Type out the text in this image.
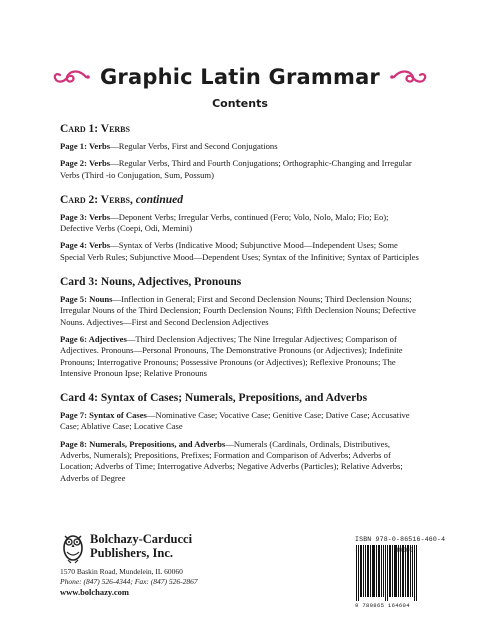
Graphic Latin Grammar
Contents
Card 1: Verbs

Page 1: Verbs—Regular Verbs, First and Second Conjugations

Page 2: Verbs—Regular Verbs, Third and Fourth Conjugations; Orthographic-Changing and Irregular Verbs (Third -io Conjugation, Sum, Possum)

Card 2: Verbs, continued

Page 3: Verbs—Deponent Verbs; Irregular Verbs, continued (Fero; Volo, Nolo, Malo; Fio; Eo); Defective Verbs (Coepi, Odi, Memini)

Page 4: Verbs—Syntax of Verbs (Indicative Mood; Subjunctive Mood—Independent Uses; Some Special Verb Rules; Subjunctive Mood—Dependent Uses; Syntax of the Infinitive; Syntax of Participles

Card 3: Nouns, Adjectives, Pronouns

Page 5: Nouns—Inflection in General; First and Second Declension Nouns; Third Declension Nouns; Irregular Nouns of the Third Declension; Fourth Declension Nouns; Fifth Declension Nouns; Defective Nouns. Adjectives—First and Second Declension Adjectives

Page 6: Adjectives—Third Declension Adjectives; The Nine Irregular Adjectives; Comparison of Adjectives. Pronouns—Personal Pronouns, The Demonstrative Pronouns (or Adjectives); Indefinite Pronouns; Interrogative Pronouns; Possessive Pronouns (or Adjectives); Reflexive Pronouns; The Intensive Pronoun Ipse; Relative Pronouns

Card 4: Syntax of Cases; Numerals, Prepositions, and Adverbs

Page 7: Syntax of Cases—Nominative Case; Vocative Case; Genitive Case; Dative Case; Accusative Case; Ablative Case; Locative Case

Page 8: Numerals, Prepositions, and Adverbs—Numerals (Cardinals, Ordinals, Distributives, Adverbs, Numerals); Prepositions, Prefixes; Formation and Comparison of Adverbs; Adverbs of Location; Adverbs of Time; Interrogative Adverbs; Negative Adverbs (Particles); Relative Adverbs; Adverbs of Degree

Bolchazy-Carducci
Publishers, Inc.
1570 Baskin Road, Mundelein, IL 60060
Phone: (847) 526-4344; Fax: (847) 526-2867
www.bolchazy.com
ISBN 978-0-86516-460-4
9 780865 164604
90000
